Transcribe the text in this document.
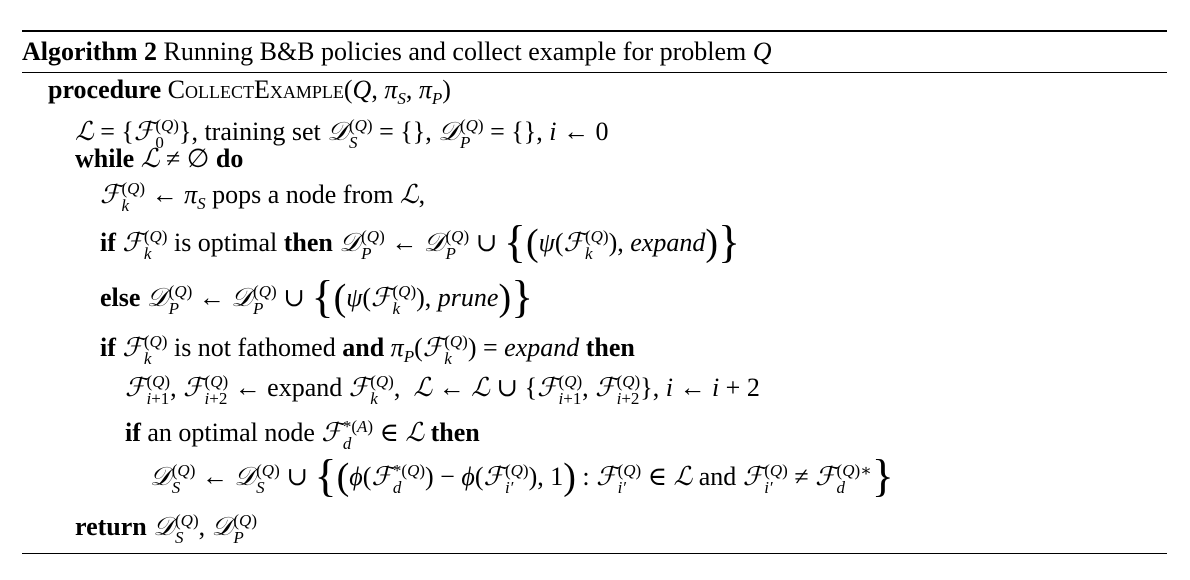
Algorithm 2 Running B&B policies and collect example for problem Q
procedure CollectExample(Q, $\pi_S$, $\pi_P$)
ℒ = {ℱ (Q)
0 }, training set 𝒟 (Q)
S = {}, 𝒟 (Q)
P = {}, i ← 0
while ℒ ≠ ∅ do
ℱ (Q)
k ← $\pi_S$ pops a node from ℒ,
if ℱ (Q)
k is optimal then 𝒟 (Q)
P ← 𝒟 (Q)
P ∪ {(ψ(ℱ (Q)
k ), expand)}
else 𝒟 (Q)
P ← 𝒟 (Q)
P ∪ {(ψ(ℱ (Q)
k ), prune)}
if ℱ (Q)
k is not fathomed and $\pi_P(ℱ$ (Q)
k ) = expand then
ℱ (Q)
i+1 , ℱ (Q)
i+2 ← expand ℱ (Q)
k ,  ℒ ← ℒ ∪ {ℱ (Q)
i+1 , ℱ (Q)
i+2 }, i ← i + 2
if an optimal node ℱ *(A)
d ∈ ℒ then
𝒟 (Q)
S ← 𝒟 (Q)
S ∪ {(ϕ(ℱ *(Q)
d ) − ϕ(ℱ (Q)
i′ ), 1) : ℱ (Q)
i′ ∈ ℒ and ℱ (Q)
i′ ≠ ℱ (Q)∗
d }
return 𝒟 (Q)
S , 𝒟 (Q)
P
